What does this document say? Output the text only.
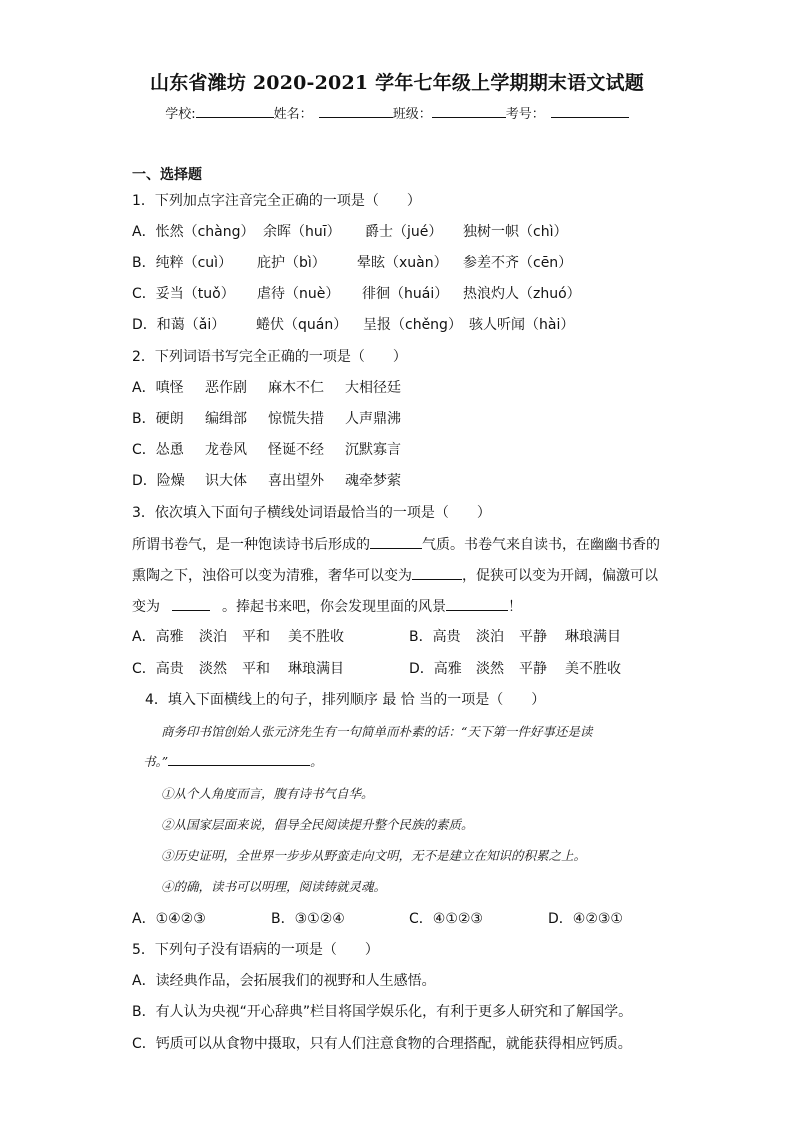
山东省潍坊 2020-2021 学年七年级上学期期末语文试题
学校:	姓名：	班级：	考号：
一、选择题
1．下列加点字注音完全正确的一项是（　　）
A．怅然（chàng） 余晖（huī） 爵士（jué） 独树一帜（chì）
B．纯粹（cuì） 庇护（bì） 晕眩（xuàn） 参差不齐（cēn）
C．妥当（tuǒ） 虐待（nuè） 徘徊（huái） 热浪灼人（zhuó）
D．和蔼（ǎi） 蜷伏（quán） 呈报（chěng） 骇人听闻（hài）
2．下列词语书写完全正确的一项是（　　）
A．嗔怪 恶作剧 麻木不仁 大相径廷
B．硬朗 编缉部 惊慌失措 人声鼎沸
C．怂恿 龙卷风 怪诞不经 沉默寡言
D．险燥 识大体 喜出望外 魂牵梦萦
3．依次填入下面句子横线处词语最恰当的一项是（　　）
所谓书卷气，是一种饱读诗书后形成的	气质。书卷气来自读书，在幽幽书香的
熏陶之下，浊俗可以变为清雅，奢华可以变为	，促狭可以变为开阔，偏激可以
变为	。捧起书来吧，你会发现里面的风景	！
A．高雅 淡泊 平和 美不胜收	B．高贵 淡泊 平静 琳琅满目
C．高贵 淡然 平和 琳琅满目	D．高雅 淡然 平静 美不胜收
4．填入下面横线上的句子，排列顺序 最 恰 当的一项是（　　）
商务印书馆创始人张元济先生有一句简单而朴素的话：“天下第一件好事还是读
书。”	。
①从个人角度而言，腹有诗书气自华。
②从国家层面来说，倡导全民阅读提升整个民族的素质。
③历史证明，全世界一步步从野蛮走向文明，无不是建立在知识的积累之上。
④的确，读书可以明理，阅读铸就灵魂。
A．①④②③	B．③①②④	C．④①②③	D．④②③①
5．下列句子没有语病的一项是（　　）
A．读经典作品，会拓展我们的视野和人生感悟。
B．有人认为央视“开心辞典”栏目将国学娱乐化，有利于更多人研究和了解国学。
C．钙质可以从食物中摄取，只有人们注意食物的合理搭配，就能获得相应钙质。
